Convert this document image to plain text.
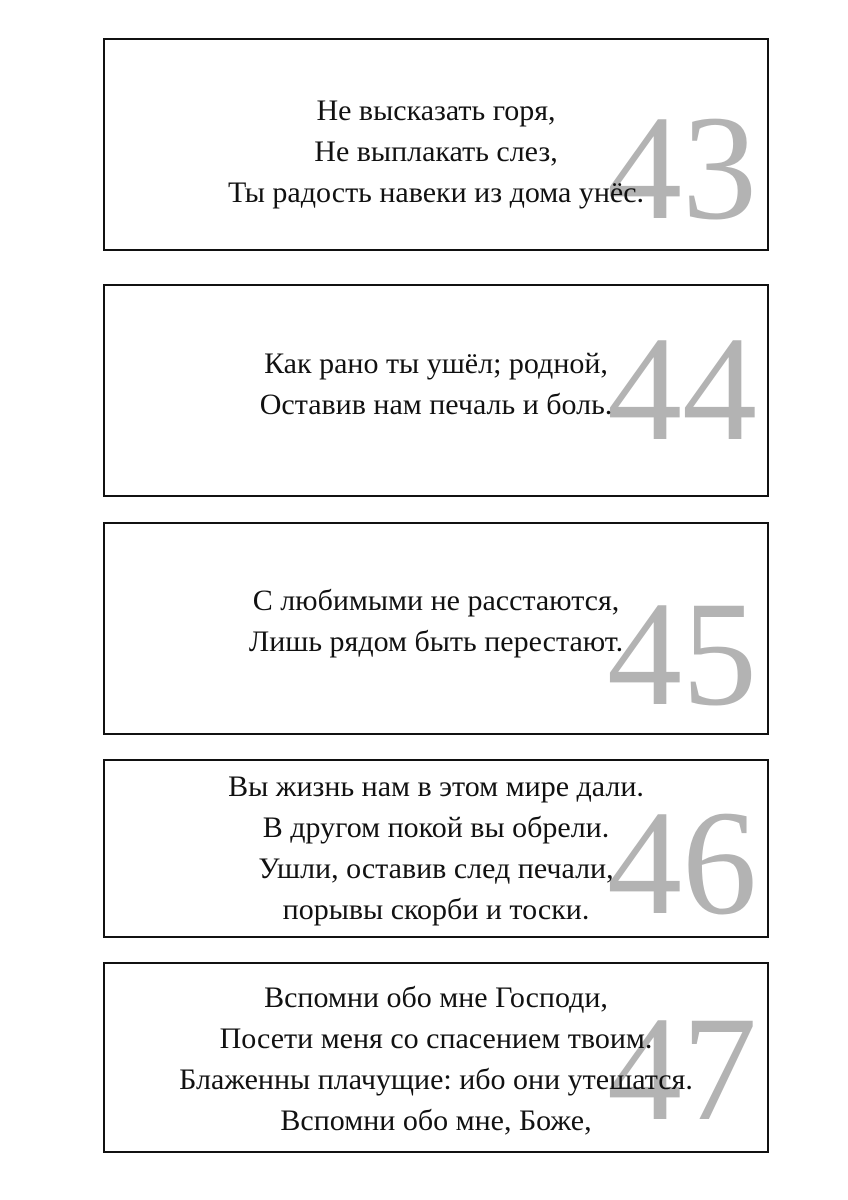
43
Не высказать горя,
Не выплакать слез,
Ты радость навеки из дома унёс.
44
Как рано ты ушёл; родной,
Оставив нам печаль и боль.
45
С любимыми не расстаются,
Лишь рядом быть перестают.
46
Вы жизнь нам в этом мире дали.
В другом покой вы обрели.
Ушли, оставив след печали,
порывы скорби и тоски.
47
Вспомни обо мне Господи,
Посети меня со спасением твоим.
Блаженны плачущие: ибо они утешатся.
Вспомни обо мне, Боже,
